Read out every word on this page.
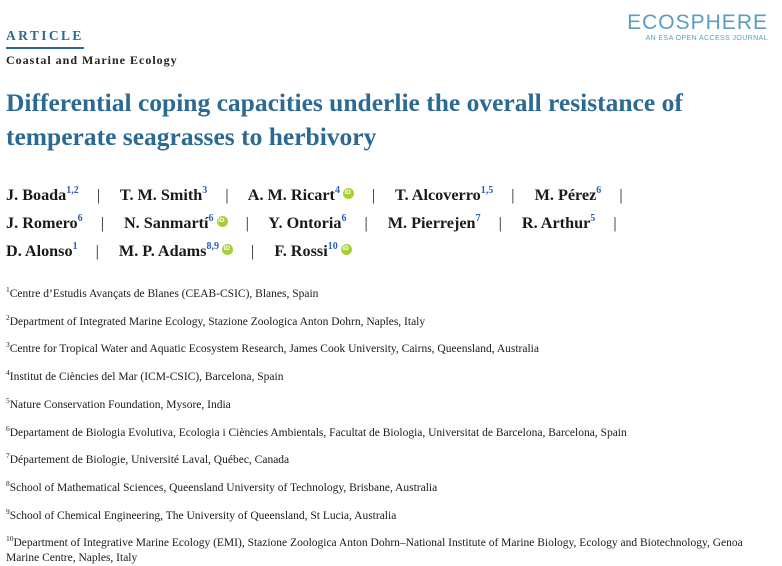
ARTICLE
Coastal and Marine Ecology
ECOSPHERE
AN ESA OPEN ACCESS JOURNAL
Differential coping capacities underlie the overall resistance of temperate seagrasses to herbivory
J. Boada$^{1,2}$ | T. M. Smith$^3$ | A. M. Ricart$^4$ iD | T. Alcoverro$^{1,5}$ | M. Pérez$^6$ |
J. Romero$^6$ | N. Sanmartí$^6$ iD | Y. Ontoria$^6$ | M. Pierrejen$^7$ | R. Arthur$^5$ |
D. Alonso$^1$ | M. P. Adams$^{8,9}$ iD | F. Rossi$^{10}$iD
$^1$Centre d’Estudis Avançats de Blanes (CEAB-CSIC), Blanes, Spain
$^2$Department of Integrated Marine Ecology, Stazione Zoologica Anton Dohrn, Naples, Italy
$^3$Centre for Tropical Water and Aquatic Ecosystem Research, James Cook University, Cairns, Queensland, Australia
$^4$Institut de Ciències del Mar (ICM-CSIC), Barcelona, Spain
$^5$Nature Conservation Foundation, Mysore, India
$^6$Departament de Biologia Evolutiva, Ecologia i Ciències Ambientals, Facultat de Biologia, Universitat de Barcelona, Barcelona, Spain
$^7$Département de Biologie, Université Laval, Québec, Canada
$^8$School of Mathematical Sciences, Queensland University of Technology, Brisbane, Australia
$^9$School of Chemical Engineering, The University of Queensland, St Lucia, Australia
$^{10}$Department of Integrative Marine Ecology (EMI), Stazione Zoologica Anton Dohrn–National Institute of Marine Biology, Ecology and Biotechnology, Genoa Marine Centre, Naples, Italy
